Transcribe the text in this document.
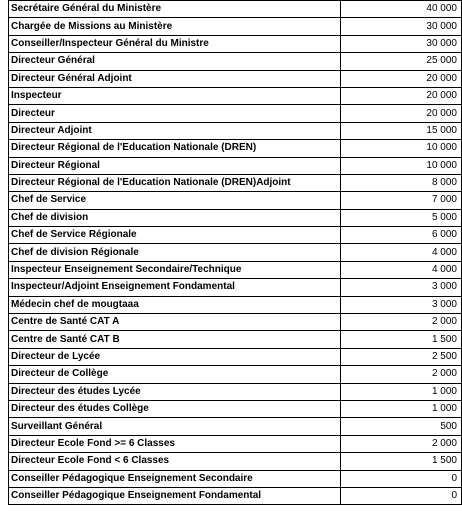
Secrétaire Général du Ministère	40 000
Chargée de Missions au Ministère	30 000
Conseiller/Inspecteur Général du Ministre	30 000
Directeur Général	25 000
Directeur Général Adjoint	20 000
Inspecteur	20 000
Directeur	20 000
Directeur Adjoint	15 000
Directeur Régional de l'Education Nationale (DREN)	10 000
Directeur Régional	10 000
Directeur Régional de l'Education Nationale (DREN)Adjoint	8 000
Chef de Service	7 000
Chef de division	5 000
Chef de Service Régionale	6 000
Chef de division Régionale	4 000
Inspecteur Enseignement Secondaire/Technique	4 000
Inspecteur/Adjoint Enseignement Fondamental	3 000
Médecin chef de mougtaaa	3 000
Centre de Santé CAT A	2 000
Centre de Santé CAT B	1 500
Directeur de Lycée	2 500
Directeur de Collège	2 000
Directeur des études Lycée	1 000
Directeur des études Collège	1 000
Surveillant Général	500
Directeur Ecole Fond >= 6 Classes	2 000
Directeur Ecole Fond < 6 Classes	1 500
Conseiller Pédagogique Enseignement Secondaire	0
Conseiller Pédagogique Enseignement Fondamental	0
